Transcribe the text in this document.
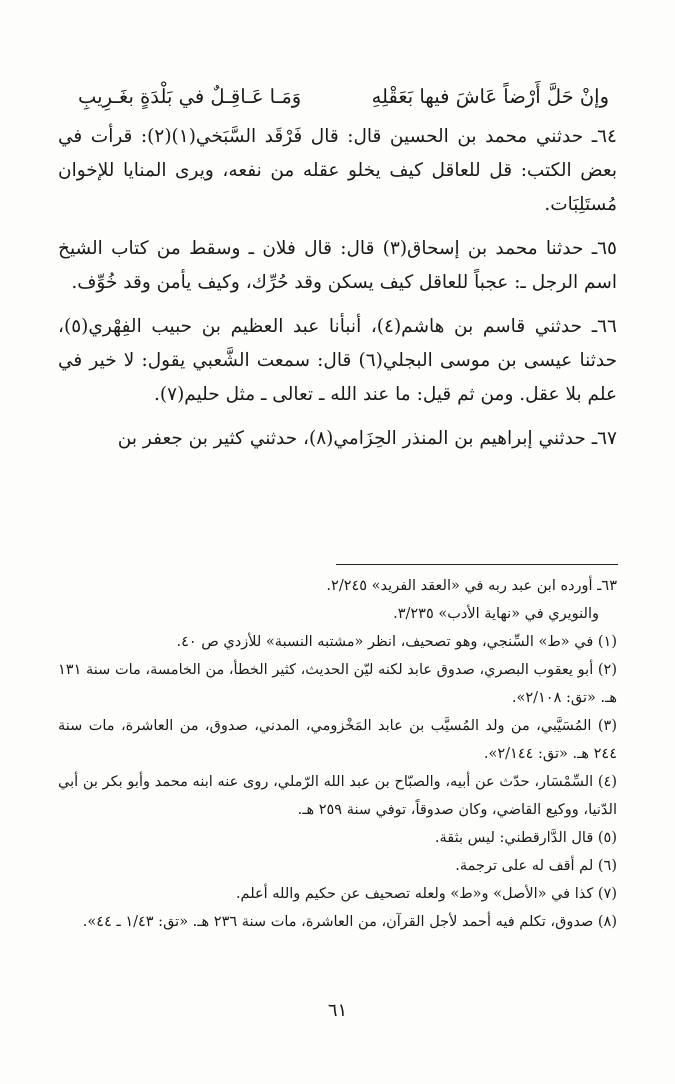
وإنْ حَلَّ أَرْضاً عَاشَ فيها بَعَقْلِهِ
وَمَـا عَـاقِـلٌ في بَلْدَةٍ بغَـرِيبِ

٦٤ـ حدثني محمد بن الحسين قال: قال فَرْقَد السَّبَخي(١)(٢): قرأت في بعض الكتب: قل للعاقل كيف يخلو عقله من نفعه، ويرى المنايا للإخوان مُستَلِبَات.

٦٥ـ حدثنا محمد بن إسحاق(٣) قال: قال فلان ـ وسقط من كتاب الشيخ اسم الرجل ـ: عجباً للعاقل كيف يسكن وقد حُرِّك، وكيف يأمن وقد خُوِّف.

٦٦ـ حدثني قاسم بن هاشم(٤)، أنبأنا عبد العظيم بن حبيب الفِهْري(٥)، حدثنا عيسى بن موسى البجلي(٦) قال: سمعت الشَّعبي يقول: لا خير في علم بلا عقل. ومن ثم قيل: ما عند الله ـ تعالى ـ مثل حليم(٧).

٦٧ـ حدثني إبراهيم بن المنذر الحِزَامي(٨)، حدثني كثير بن جعفر بن

٦٣ـ أورده ابن عبد ربه في «العقد الفريد» ٢/٢٤٥.

والنويري في «نهاية الأدب» ٣/٢٣٥.

(١) في «ط» السِّنجي، وهو تصحيف، انظر «مشتبه النسبة» للأزدي ص ٤٠.

(٢) أبو يعقوب البصري، صدوق عابد لكنه ليّن الحديث، كثير الخطأ، من الخامسة، مات سنة ١٣١ هـ. «تق: ٢/١٠٨».

(٣) المُسَيَّبي، من ولد المُسيَّب بن عابد المَخْزومي، المدني، صدوق، من العاشرة، مات سنة ٢٤٤ هـ. «تق: ٢/١٤٤».

(٤) السِّمْسَار، حدّث عن أبيه، والصبّاح بن عبد الله الرّملي، روى عنه ابنه محمد وأبو بكر بن أبي الدّنيا، ووكيع القاضي، وكان صدوقاً، توفي سنة ٢٥٩ هـ.

(٥) قال الدَّارقطني: ليس بثقة.

(٦) لم أقف له على ترجمة.

(٧) كذا في «الأصل» و«ط» ولعله تصحيف عن حكيم والله أعلم.

(٨) صدوق، تكلم فيه أحمد لأجل القرآن، من العاشرة، مات سنة ٢٣٦ هـ. «تق: ١/٤٣ ـ ٤٤».

٦١
